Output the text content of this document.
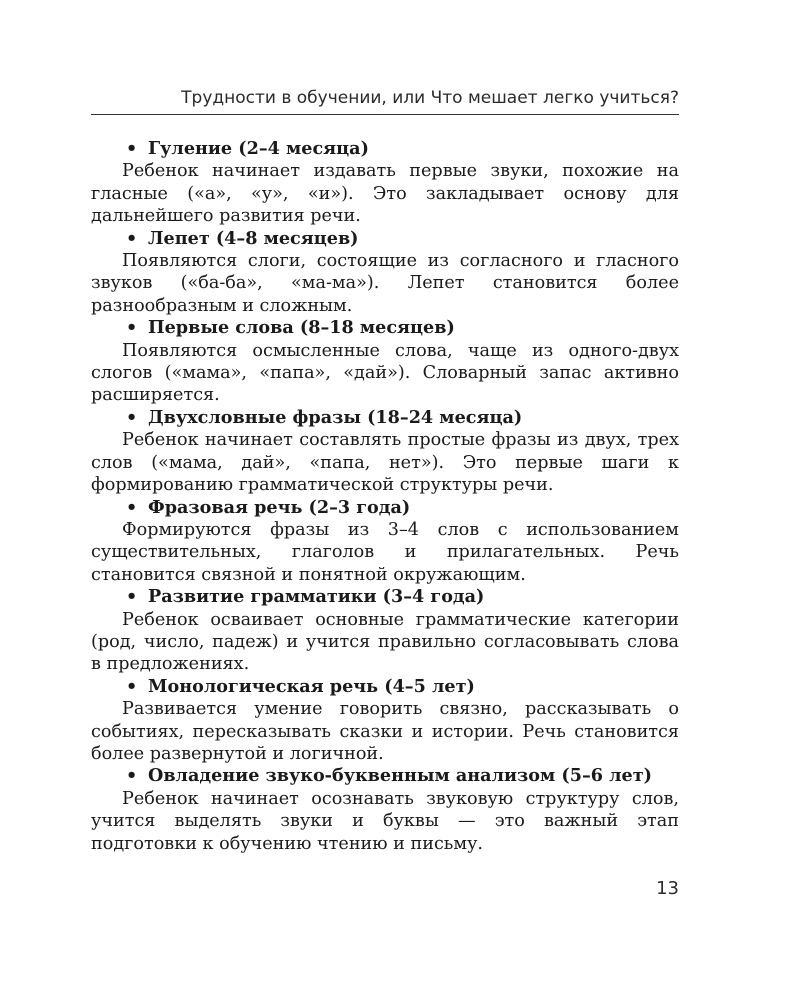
Трудности в обучении, или Что мешает легко учиться?

• Гуление (2–4 месяца)

Ребенок начинает издавать первые звуки, похожие на гласные («а», «у», «и»). Это закладывает основу для дальнейшего развития речи.

• Лепет (4–8 месяцев)

Появляются слоги, состоящие из согласного и гласного звуков («ба-ба», «ма-ма»). Лепет становится более разнообразным и сложным.

• Первые слова (8–18 месяцев)

Появляются осмысленные слова, чаще из одного-двух слогов («мама», «папа», «дай»). Словарный запас активно расширяется.

• Двухсловные фразы (18–24 месяца)

Ребенок начинает составлять простые фразы из двух, трех слов («мама, дай», «папа, нет»). Это первые шаги к формированию грамматической структуры речи.

• Фразовая речь (2–3 года)

Формируются фразы из 3–4 слов с использованием существительных, глаголов и прилагательных. Речь становится связной и понятной окружающим.

• Развитие грамматики (3–4 года)

Ребенок осваивает основные грамматические категории (род, число, падеж) и учится правильно согласовывать слова в предложениях.

• Монологическая речь (4–5 лет)

Развивается умение говорить связно, рассказывать о событиях, пересказывать сказки и истории. Речь становится более развернутой и логичной.

• Овладение звуко-буквенным анализом (5–6 лет)

Ребенок начинает осознавать звуковую структуру слов, учится выделять звуки и буквы — это важный этап подготовки к обучению чтению и письму.

13
